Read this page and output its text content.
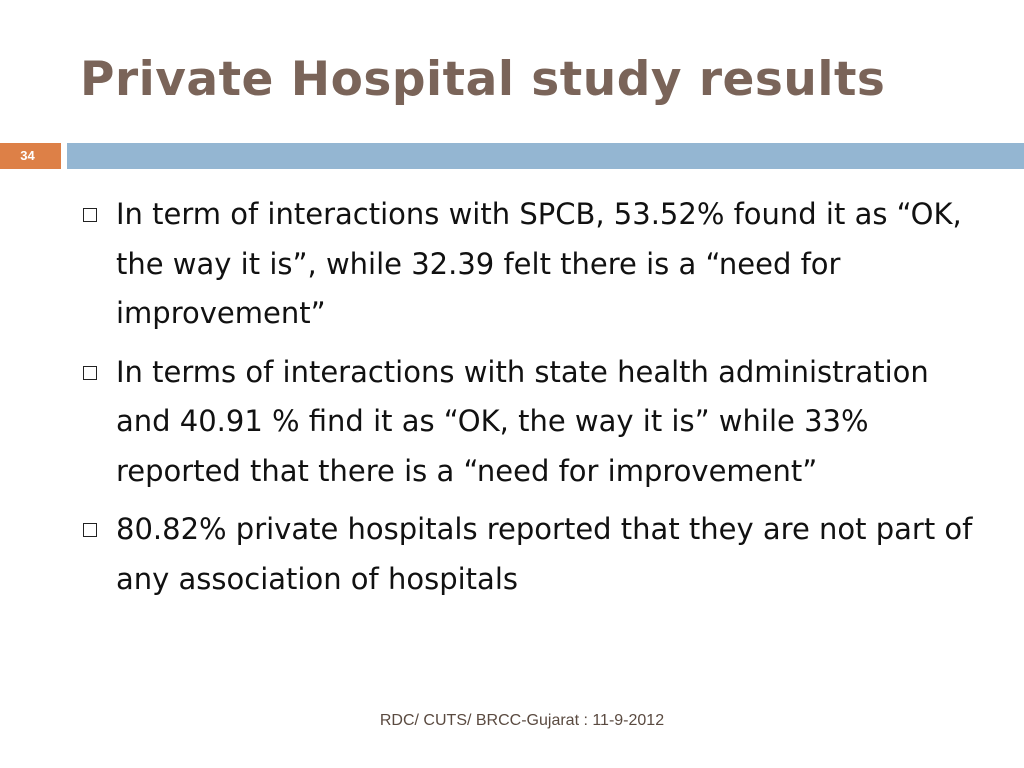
Private Hospital study results
34
In term of interactions with SPCB, 53.52% found it as “OK, the way it is”, while 32.39 felt there is a “need for improvement”
In terms of interactions with state health administration and 40.91 % find it as “OK, the way it is” while 33% reported that there is a “need for improvement”
80.82% private hospitals reported that they are not part of any association of hospitals
RDC/ CUTS/ BRCC-Gujarat : 11-9-2012
